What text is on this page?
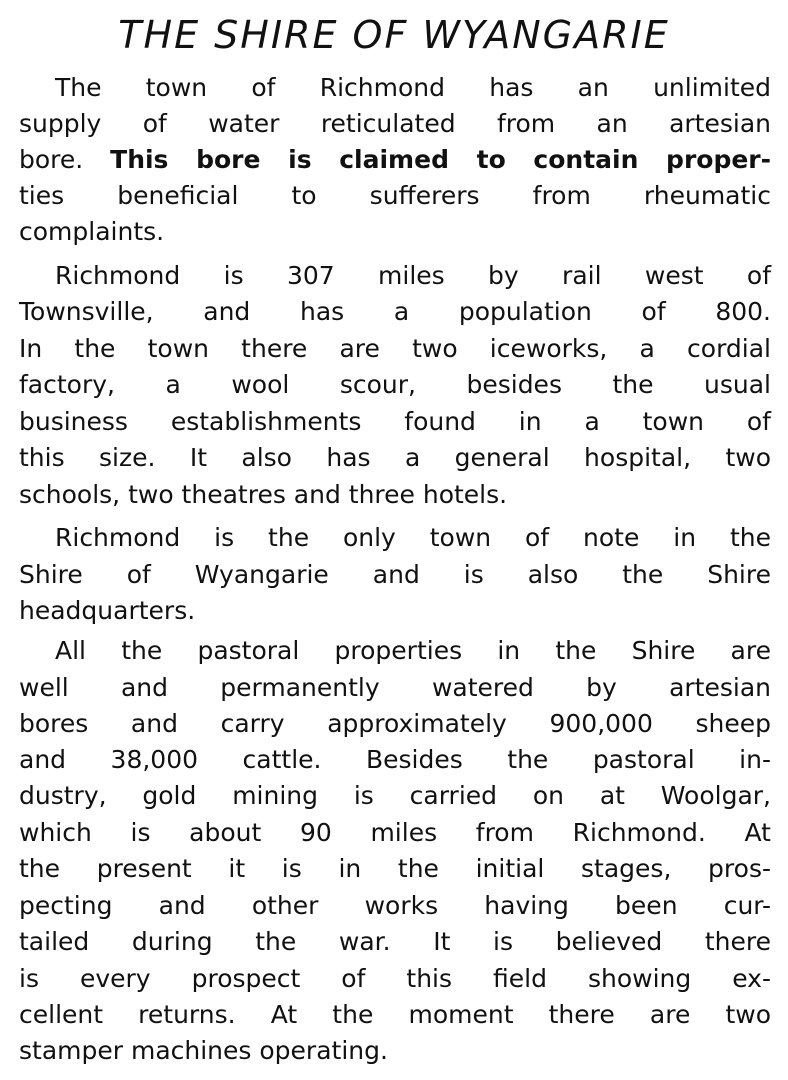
THE SHIRE OF WYANGARIE
The town of Richmond has an unlimited
supply of water reticulated from an artesian
bore. This bore is claimed to contain proper-
ties beneficial to sufferers from rheumatic
complaints.
Richmond is 307 miles by rail west of
Townsville, and has a population of 800.
In the town there are two iceworks, a cordial
factory, a wool scour, besides the usual
business establishments found in a town of
this size. It also has a general hospital, two
schools, two theatres and three hotels.
Richmond is the only town of note in the
Shire of Wyangarie and is also the Shire
headquarters.
All the pastoral properties in the Shire are
well and permanently watered by artesian
bores and carry approximately 900,000 sheep
and 38,000 cattle. Besides the pastoral in-
dustry, gold mining is carried on at Woolgar,
which is about 90 miles from Richmond. At
the present it is in the initial stages, pros-
pecting and other works having been cur-
tailed during the war. It is believed there
is every prospect of this field showing ex-
cellent returns. At the moment there are two
stamper machines operating.
